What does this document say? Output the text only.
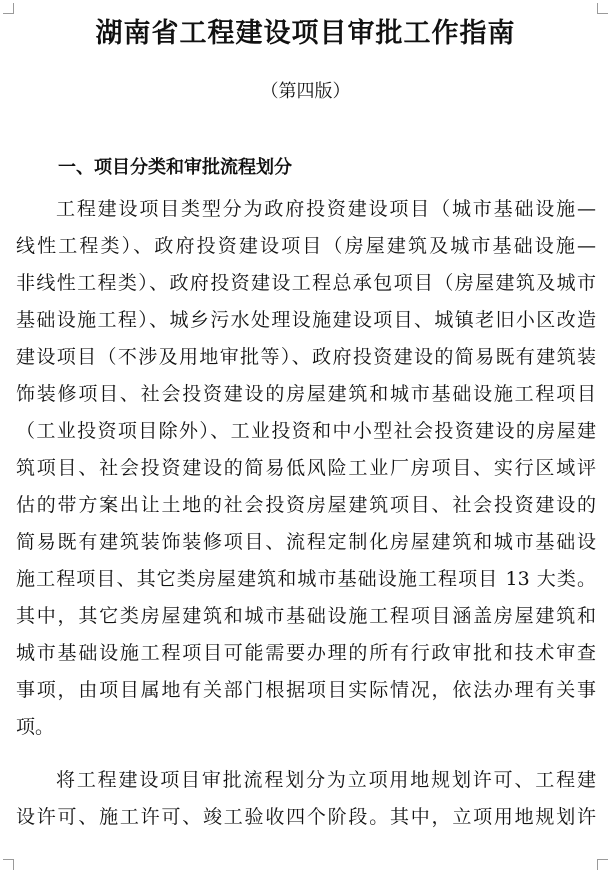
湖南省工程建设项目审批工作指南
（第四版）
一、项目分类和审批流程划分
工程建设项目类型分为政府投资建设项目（城市基础设施—
线性工程类）、政府投资建设项目（房屋建筑及城市基础设施—
非线性工程类）、政府投资建设工程总承包项目（房屋建筑及城市
基础设施工程）、城乡污水处理设施建设项目、城镇老旧小区改造
建设项目（不涉及用地审批等）、政府投资建设的简易既有建筑装
饰装修项目、社会投资建设的房屋建筑和城市基础设施工程项目
（工业投资项目除外）、工业投资和中小型社会投资建设的房屋建
筑项目、社会投资建设的简易低风险工业厂房项目、实行区域评
估的带方案出让土地的社会投资房屋建筑项目、社会投资建设的
简易既有建筑装饰装修项目、流程定制化房屋建筑和城市基础设
施工程项目、其它类房屋建筑和城市基础设施工程项目 13 大类。
其中，其它类房屋建筑和城市基础设施工程项目涵盖房屋建筑和
城市基础设施工程项目可能需要办理的所有行政审批和技术审查
事项，由项目属地有关部门根据项目实际情况，依法办理有关事
项。
将工程建设项目审批流程划分为立项用地规划许可、工程建
设许可、施工许可、竣工验收四个阶段。其中，立项用地规划许
